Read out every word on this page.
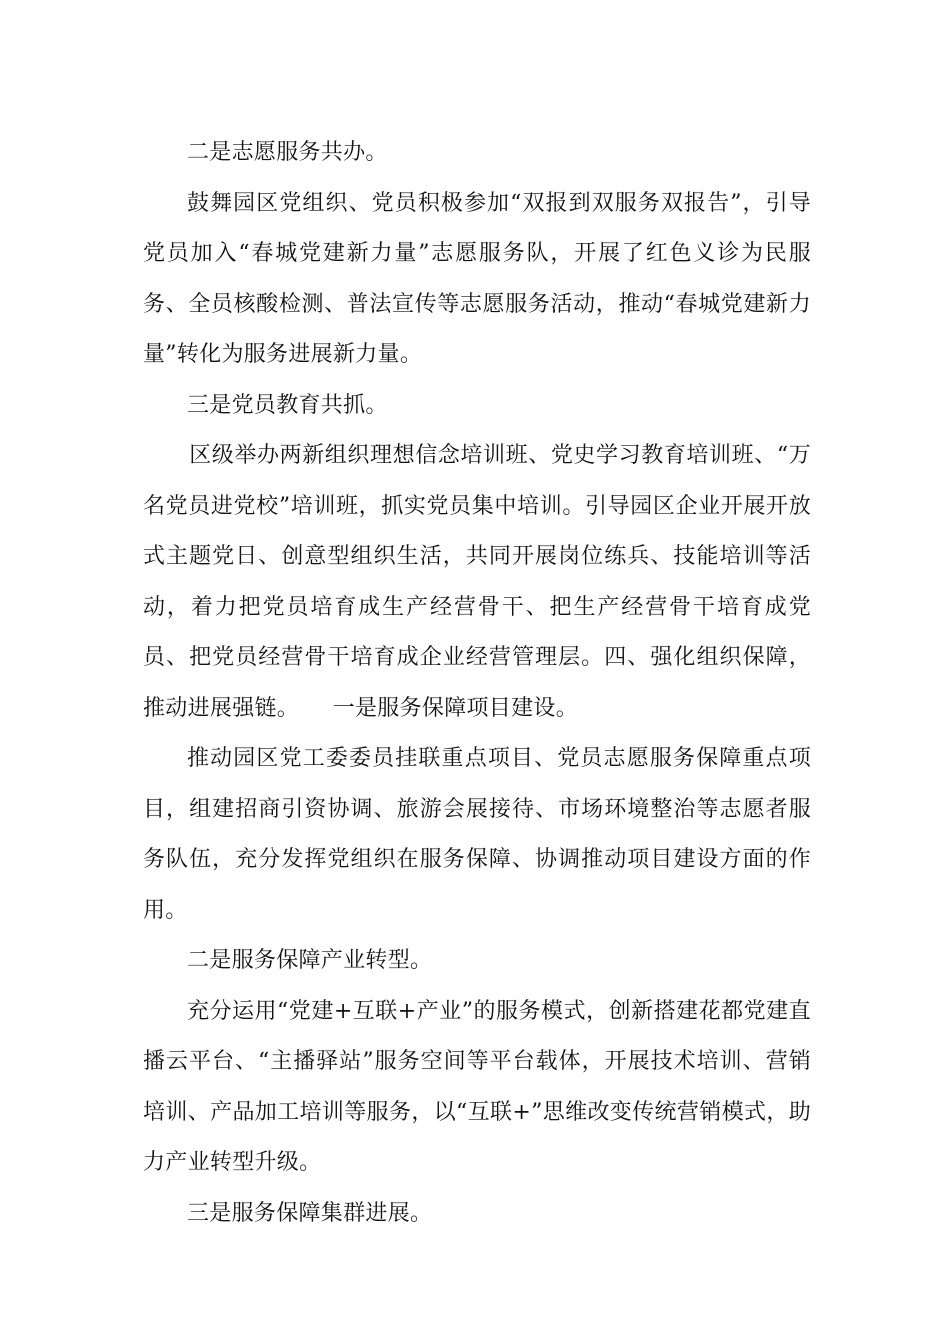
二是志愿服务共办。

鼓舞园区党组织、党员积极参加“双报到双服务双报告”，引导党员加入“春城党建新力量”志愿服务队，开展了红色义诊为民服务、全员核酸检测、普法宣传等志愿服务活动，推动“春城党建新力量”转化为服务进展新力量。

三是党员教育共抓。

区级举办两新组织理想信念培训班、党史学习教育培训班、“万名党员进党校”培训班，抓实党员集中培训。引导园区企业开展开放式主题党日、创意型组织生活，共同开展岗位练兵、技能培训等活动，着力把党员培育成生产经营骨干、把生产经营骨干培育成党员、把党员经营骨干培育成企业经营管理层。四、强化组织保障，推动进展强链。　　一是服务保障项目建设。

推动园区党工委委员挂联重点项目、党员志愿服务保障重点项目，组建招商引资协调、旅游会展接待、市场环境整治等志愿者服务队伍，充分发挥党组织在服务保障、协调推动项目建设方面的作用。

二是服务保障产业转型。

充分运用“党建+互联+产业”的服务模式，创新搭建花都党建直播云平台、“主播驿站”服务空间等平台载体，开展技术培训、营销培训、产品加工培训等服务，以“互联+”思维改变传统营销模式，助力产业转型升级。

三是服务保障集群进展。
